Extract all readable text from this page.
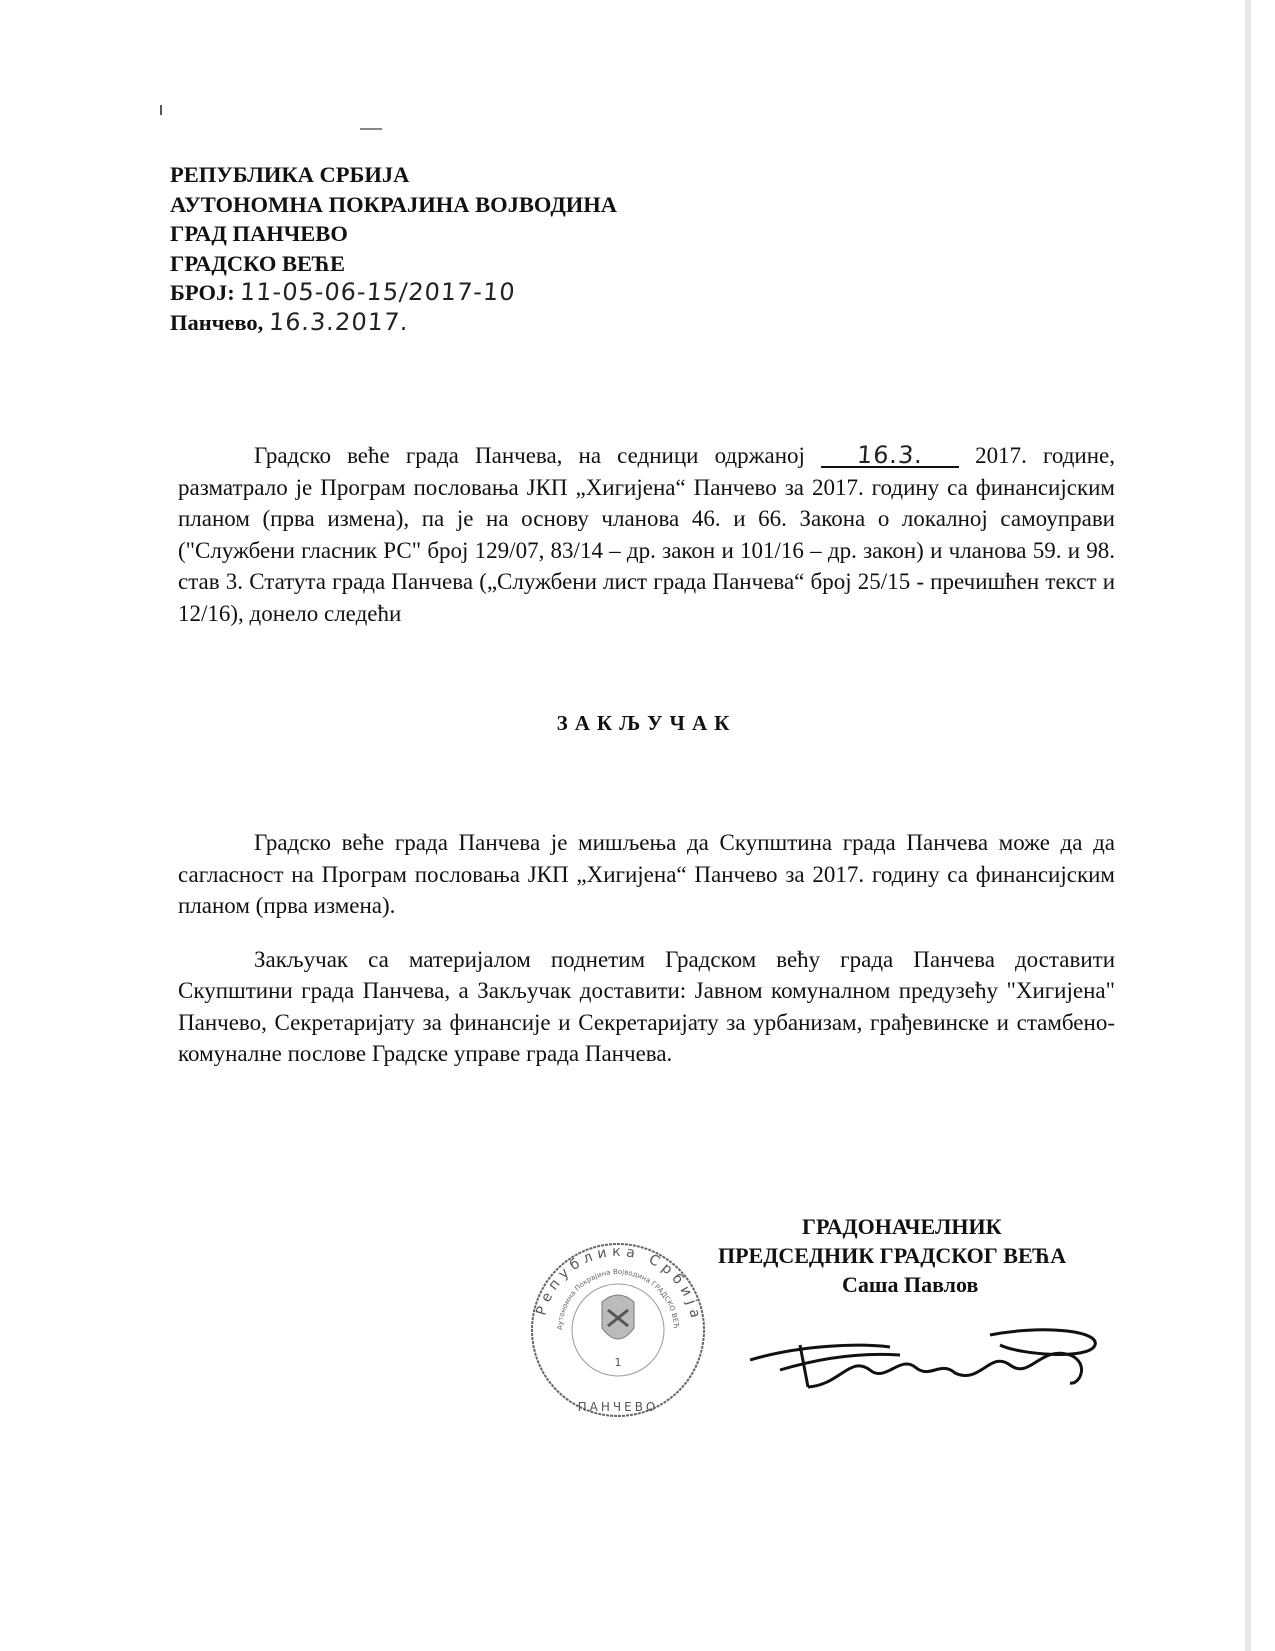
РЕПУБЛИКА СРБИЈА
АУТОНОМНА ПОКРАЈИНА ВОЈВОДИНА
ГРАД ПАНЧЕВО
ГРАДСКО ВЕЋЕ
БРОЈ: 11-05-06-15/2017-10
Панчево, 16.3.2017.

Градско веће града Панчева, на седници одржаној 16.3. 2017. године, разматрало је Програм пословања ЈКП „Хигијена“ Панчево за 2017. годину са финансијским планом (прва измена), па је на основу чланова 46. и 66. Закона о локалној самоуправи ("Службени гласник РС" број 129/07, 83/14 – др. закон и 101/16 – др. закон) и чланова 59. и 98. став 3. Статута града Панчева („Службени лист града Панчева“ број 25/15 - пречишћен текст и 12/16), донело следећи

ЗАКЉУЧАК

Градско веће града Панчева је мишљења да Скупштина града Панчева може да да сагласност на Програм пословања ЈКП „Хигијена“ Панчево за 2017. годину са финансијским планом (прва измена).

Закључак са материјалом поднетим Градском већу града Панчева доставити Скупштини града Панчева, а Закључак доставити: Јавном комуналном предузећу "Хигијена" Панчево, Секретаријату за финансије и Секретаријату за урбанизам, грађевинске и стамбено-комуналне послове Градске управе града Панчева.

Република Србија
Аутономна Покрајина Војводина ГРАДСКО ВЕЋ
ПАНЧЕВО
1
ГРАДОНАЧЕЛНИК
ПРЕДСЕДНИК ГРАДСКОГ ВЕЋА
Саша Павлов
